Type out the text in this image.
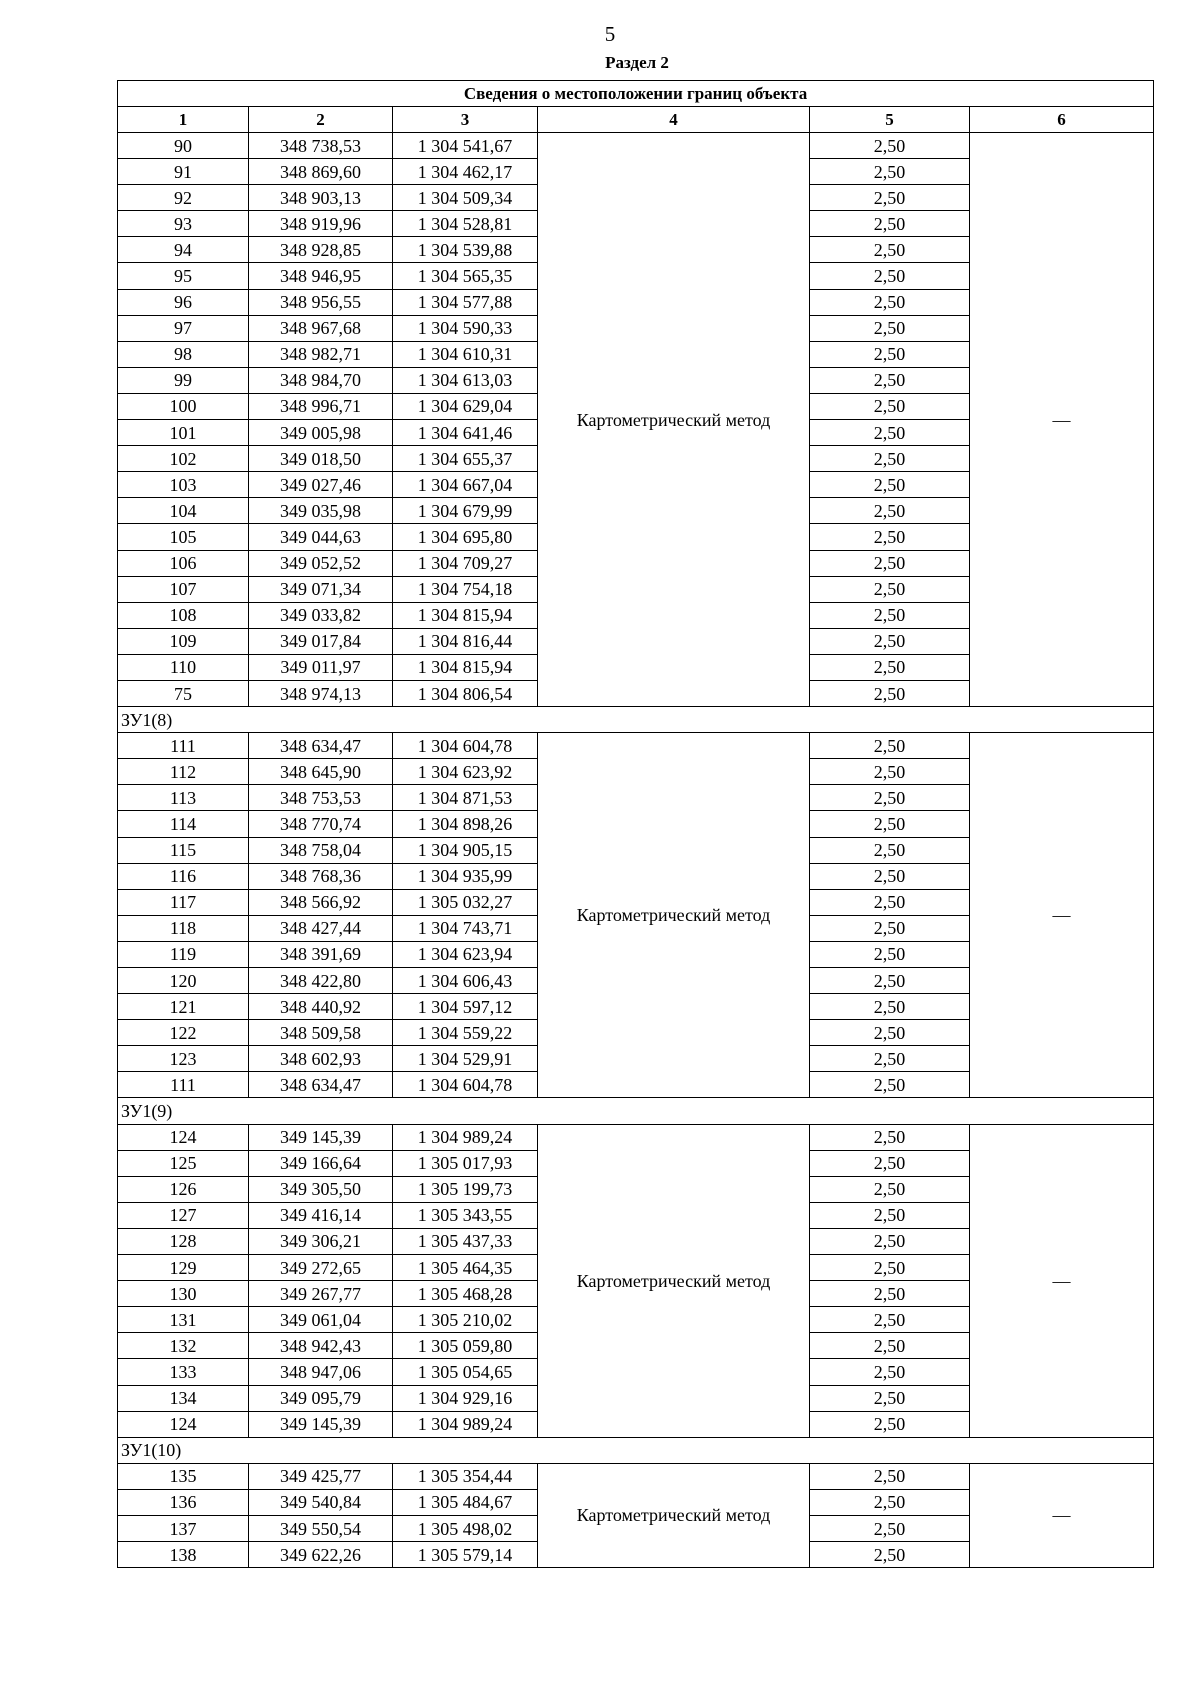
5
Раздел 2
Сведения о местоположении границ объекта					
1	2	3	4	5	6
90	348 738,53	1 304 541,67	Картометрический метод	2,50	—
91	348 869,60	1 304 462,17		2,50	
92	348 903,13	1 304 509,34		2,50	
93	348 919,96	1 304 528,81		2,50	
94	348 928,85	1 304 539,88		2,50	
95	348 946,95	1 304 565,35		2,50	
96	348 956,55	1 304 577,88		2,50	
97	348 967,68	1 304 590,33		2,50	
98	348 982,71	1 304 610,31		2,50	
99	348 984,70	1 304 613,03		2,50	
100	348 996,71	1 304 629,04		2,50	
101	349 005,98	1 304 641,46		2,50	
102	349 018,50	1 304 655,37		2,50	
103	349 027,46	1 304 667,04		2,50	
104	349 035,98	1 304 679,99		2,50	
105	349 044,63	1 304 695,80		2,50	
106	349 052,52	1 304 709,27		2,50	
107	349 071,34	1 304 754,18		2,50	
108	349 033,82	1 304 815,94		2,50	
109	349 017,84	1 304 816,44		2,50	
110	349 011,97	1 304 815,94		2,50	
75	348 974,13	1 304 806,54		2,50	
ЗУ1(8)					
111	348 634,47	1 304 604,78	Картометрический метод	2,50	—
112	348 645,90	1 304 623,92		2,50	
113	348 753,53	1 304 871,53		2,50	
114	348 770,74	1 304 898,26		2,50	
115	348 758,04	1 304 905,15		2,50	
116	348 768,36	1 304 935,99		2,50	
117	348 566,92	1 305 032,27		2,50	
118	348 427,44	1 304 743,71		2,50	
119	348 391,69	1 304 623,94		2,50	
120	348 422,80	1 304 606,43		2,50	
121	348 440,92	1 304 597,12		2,50	
122	348 509,58	1 304 559,22		2,50	
123	348 602,93	1 304 529,91		2,50	
111	348 634,47	1 304 604,78		2,50	
ЗУ1(9)					
124	349 145,39	1 304 989,24	Картометрический метод	2,50	—
125	349 166,64	1 305 017,93		2,50	
126	349 305,50	1 305 199,73		2,50	
127	349 416,14	1 305 343,55		2,50	
128	349 306,21	1 305 437,33		2,50	
129	349 272,65	1 305 464,35		2,50	
130	349 267,77	1 305 468,28		2,50	
131	349 061,04	1 305 210,02		2,50	
132	348 942,43	1 305 059,80		2,50	
133	348 947,06	1 305 054,65		2,50	
134	349 095,79	1 304 929,16		2,50	
124	349 145,39	1 304 989,24		2,50	
ЗУ1(10)					
135	349 425,77	1 305 354,44	Картометрический метод	2,50	—
136	349 540,84	1 305 484,67		2,50	
137	349 550,54	1 305 498,02		2,50	
138	349 622,26	1 305 579,14		2,50	
